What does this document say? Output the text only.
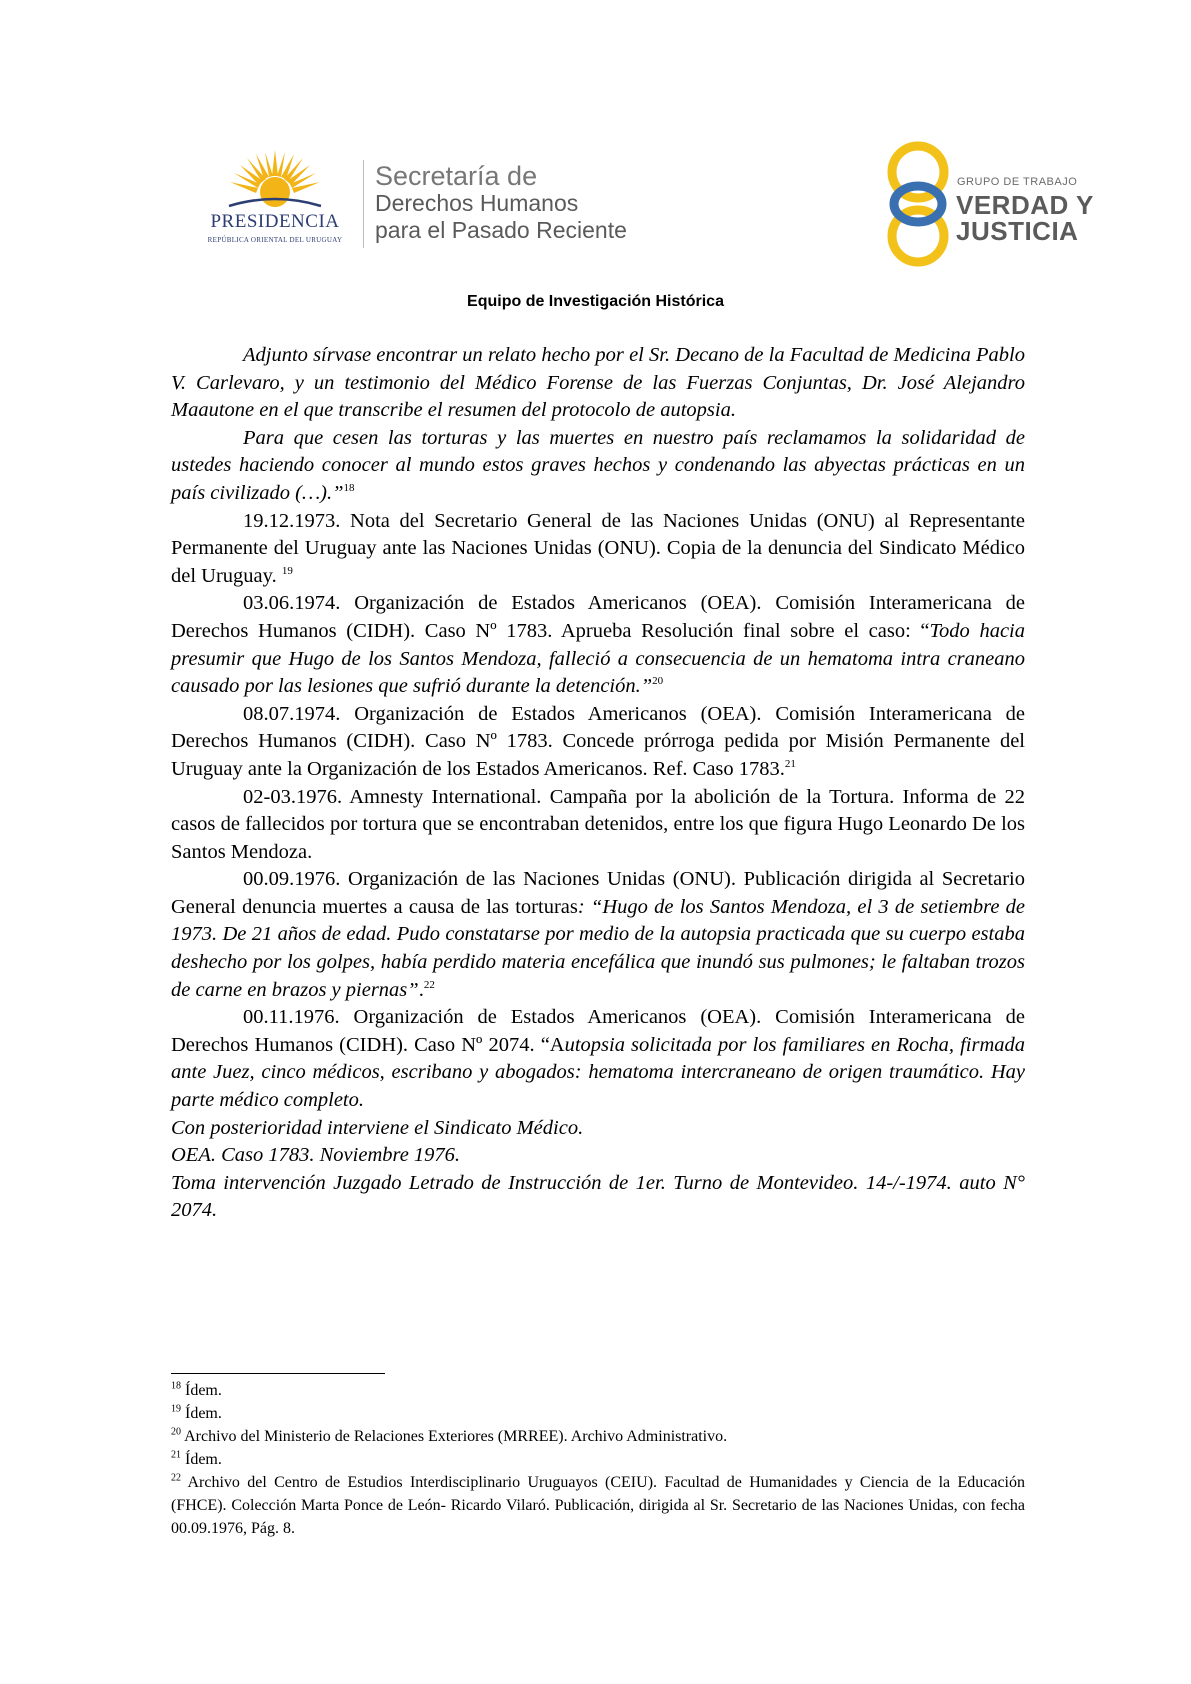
PRESIDENCIA
REPÚBLICA ORIENTAL DEL URUGUAY
Secretaría de
Derechos Humanos
para el Pasado Reciente
GRUPO DE TRABAJO
VERDAD Y
JUSTICIA
Equipo de Investigación Histórica

Adjunto sírvase encontrar un relato hecho por el Sr. Decano de la Facultad de Medicina Pablo V. Carlevaro, y un testimonio del Médico Forense de las Fuerzas Conjuntas, Dr. José Alejandro Maautone en el que transcribe el resumen del protocolo de autopsia.

Para que cesen las torturas y las muertes en nuestro país reclamamos la solidaridad de ustedes haciendo conocer al mundo estos graves hechos y condenando las abyectas prácticas en un país civilizado (…).”$^{18}$

19.12.1973. Nota del Secretario General de las Naciones Unidas (ONU) al Representante Permanente del Uruguay ante las Naciones Unidas (ONU). Copia de la denuncia del Sindicato Médico del Uruguay. $^{19}$

03.06.1974. Organización de Estados Americanos (OEA). Comisión Interamericana de Derechos Humanos (CIDH). Caso Nº 1783. Aprueba Resolución final sobre el caso: “Todo hacia presumir que Hugo de los Santos Mendoza, falleció a consecuencia de un hematoma intra craneano causado por las lesiones que sufrió durante la detención.”$^{20}$

08.07.1974. Organización de Estados Americanos (OEA). Comisión Interamericana de Derechos Humanos (CIDH). Caso Nº 1783. Concede prórroga pedida por Misión Permanente del Uruguay ante la Organización de los Estados Americanos. Ref. Caso 1783.21

02-03.1976. Amnesty International. Campaña por la abolición de la Tortura. Informa de 22 casos de fallecidos por tortura que se encontraban detenidos, entre los que figura Hugo Leonardo De los Santos Mendoza.

00.09.1976. Organización de las Naciones Unidas (ONU). Publicación dirigida al Secretario General denuncia muertes a causa de las torturas: “Hugo de los Santos Mendoza, el 3 de setiembre de 1973. De 21 años de edad. Pudo constatarse por medio de la autopsia practicada que su cuerpo estaba deshecho por los golpes, había perdido materia encefálica que inundó sus pulmones; le faltaban trozos de carne en brazos y piernas”.$^{22}$

00.11.1976. Organización de Estados Americanos (OEA). Comisión Interamericana de Derechos Humanos (CIDH). Caso Nº 2074. “Autopsia solicitada por los familiares en Rocha, firmada ante Juez, cinco médicos, escribano y abogados: hematoma intercraneano de origen traumático. Hay parte médico completo.

Con posterioridad interviene el Sindicato Médico.

OEA. Caso 1783. Noviembre 1976.

Toma intervención Juzgado Letrado de Instrucción de 1er. Turno de Montevideo. 14-/-1974. auto N° 2074.

$^{18}$ Ídem.

$^{19}$ Ídem.

$^{20}$ Archivo del Ministerio de Relaciones Exteriores (MRREE). Archivo Administrativo.

$^{21}$ Ídem.

$^{22}$ Archivo del Centro de Estudios Interdisciplinario Uruguayos (CEIU). Facultad de Humanidades y Ciencia de la Educación (FHCE). Colección Marta Ponce de León- Ricardo Vilaró. Publicación, dirigida al Sr. Secretario de las Naciones Unidas, con fecha 00.09.1976, Pág. 8.
